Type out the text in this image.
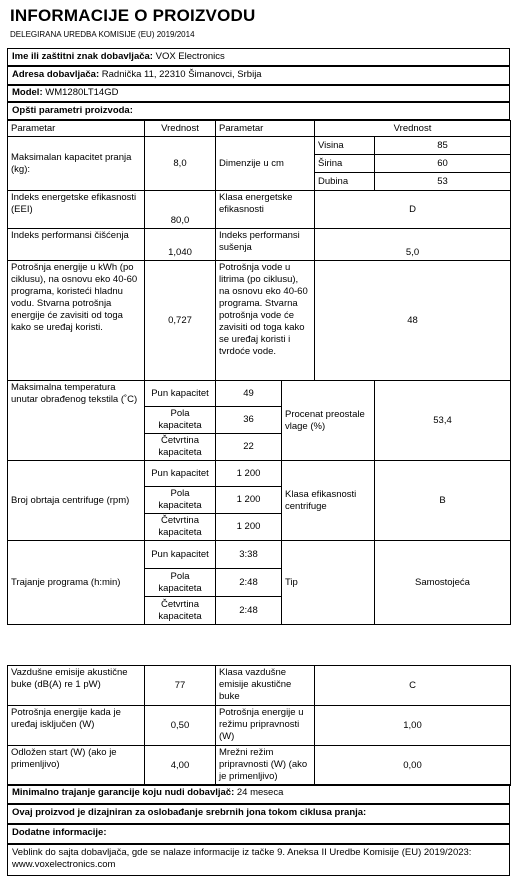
INFORMACIJE O PROIZVODU
DELEGIRANA UREDBA KOMISIJE (EU) 2019/2014
Ime ili zaštitni znak dobavljača: VOX Electronics
Adresa dobavljača: Radnička 11, 22310 Šimanovci, Srbija
Model: WM1280LT14GD
Opšti parametri proizvoda:
Parametar	Vrednost	Parametar		Vrednost	
Maksimalan kapacitet pranja (kg):	8,0	Dimenzije u cm		Visina	85
				Širina	60
				Dubina	53
Indeks energetske efikasnosti (EEI)	80,0	Klasa energetske efikasnosti		D	
Indeks performansi čišćenja	1,040	Indeks performansi sušenja		5,0	
Potrošnja energije u kWh (po ciklusu), na osnovu eko 40-60 programa, koristeći hladnu vodu. Stvarna potrošnja energije će zavisiti od toga kako se uređaj koristi.	0,727	Potrošnja vode u litrima (po ciklusu), na osnovu eko 40-60 programa. Stvarna potrošnja vode će zavisiti od toga kako se uređaj koristi i tvrdoće vode.		48	
Maksimalna temperatura unutar obrađenog tekstila (˚C)	Pun kapacitet	49	Procenat preostale vlage (%)		53,4
	Pola kapaciteta	36			
	Četvrtina kapaciteta	22			
Broj obrtaja centrifuge (rpm)	Pun kapacitet	1 200	Klasa efikasnosti centrifuge		B
	Pola kapaciteta	1 200			
	Četvrtina kapaciteta	1 200			
Trajanje programa (h:min)	Pun kapacitet	3:38	Tip		Samostojeća
	Pola kapaciteta	2:48			
	Četvrtina kapaciteta	2:48			
Vazdušne emisije akustične buke (dB(A) re 1 pW)	77	Klasa vazdušne emisije akustične buke	C
Potrošnja energije kada je uređaj isključen (W)	0,50	Potrošnja energije u režimu pripravnosti (W)	1,00
Odložen start (W) (ako je primenljivo)	4,00	Mrežni režim pripravnosti (W) (ako je primenljivo)	0,00
Minimalno trajanje garancije koju nudi dobavljač: 24 meseca
Ovaj proizvod je dizajniran za oslobađanje srebrnih jona tokom ciklusa pranja:
Dodatne informacije:
Veblink do sajta dobavljača, gde se nalaze informacije iz tačke 9. Aneksa II Uredbe Komisije (EU) 2019/2023:
www.voxelectronics.com
